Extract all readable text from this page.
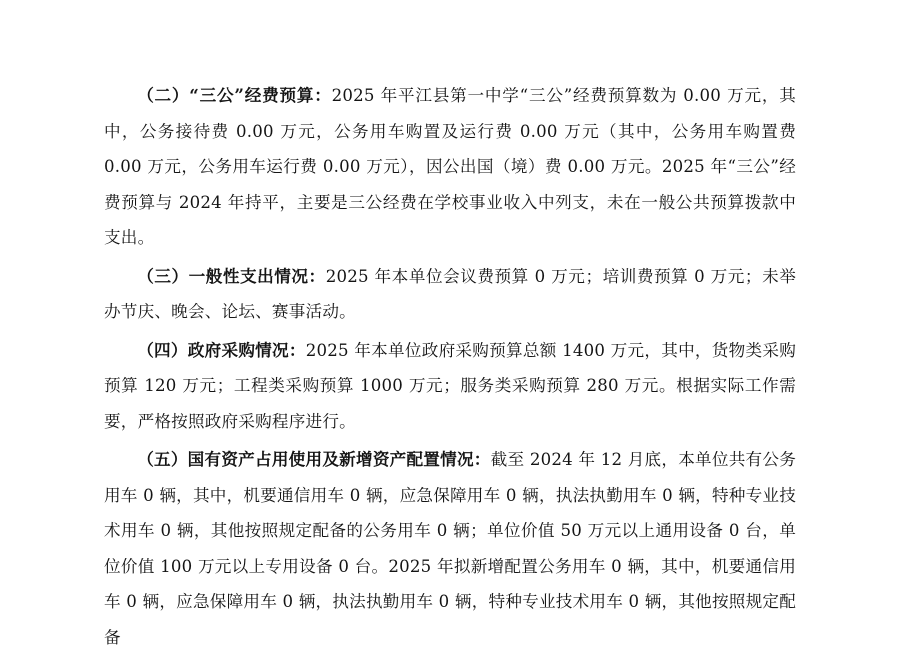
（二）“三公”经费预算：2025 年平江县第一中学“三公”经费预算数为 0.00 万元，其中，公务接待费 0.00 万元，公务用车购置及运行费 0.00 万元（其中，公务用车购置费 0.00 万元，公务用车运行费 0.00 万元），因公出国（境）费 0.00 万元。2025 年“三公”经费预算与 2024 年持平，主要是三公经费在学校事业收入中列支，未在一般公共预算拨款中支出。

（三）一般性支出情况：2025 年本单位会议费预算 0 万元；培训费预算 0 万元；未举办节庆、晚会、论坛、赛事活动。

（四）政府采购情况：2025 年本单位政府采购预算总额 1400 万元，其中，货物类采购预算 120 万元；工程类采购预算 1000 万元；服务类采购预算 280 万元。根据实际工作需要，严格按照政府采购程序进行。

（五）国有资产占用使用及新增资产配置情况：截至 2024 年 12 月底，本单位共有公务用车 0 辆，其中，机要通信用车 0 辆，应急保障用车 0 辆，执法执勤用车 0 辆，特种专业技术用车 0 辆，其他按照规定配备的公务用车 0 辆；单位价值 50 万元以上通用设备 0 台，单位价值 100 万元以上专用设备 0 台。2025 年拟新增配置公务用车 0 辆，其中，机要通信用车 0 辆，应急保障用车 0 辆，执法执勤用车 0 辆，特种专业技术用车 0 辆，其他按照规定配备
